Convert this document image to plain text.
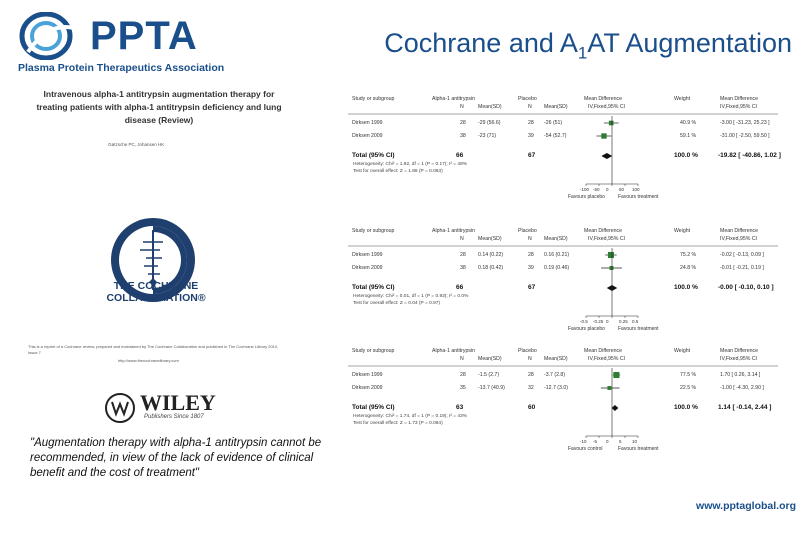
PPTA
Plasma Protein Therapeutics Association
Cochrane and $A_1AT$ Augmentation
Intravenous alpha-1 antitrypsin augmentation therapy for treating patients with alpha-1 antitrypsin deficiency and lung disease (Review)
Gøtzsche PC, Johansen HK
THE COCHRANE
COLLABORATION®
This is a reprint of a Cochrane review, prepared and maintained by The Cochrane Collaboration and published in The Cochrane Library 2010, Issue 7
http://www.thecochranelibrary.com
WILEY
Publishers Since 1807
"Augmentation therapy with alpha-1 antitrypsin cannot be recommended, in view of the lack of evidence of clinical benefit and the cost of treatment"
Study or subgroup	Alpha-1 antitrypsin	Placebo	Mean Difference	Weight	Mean Difference
N	Mean(SD)	N Mean(SD)	IV,Fixed,95% CI	IV,Fixed,95% CI
Dirksen 1999	28 -29 (56.6)	28 -26 (51)	40.9 %	-3.00 [ -31.23, 25.23 ]
Dirksen 2009	38 -23 (71)	39 -54 (52.7)	59.1 %	-31.00 [ -2.50, 59.50 ]
Total (95% CI)	66	67	100.0 %	-19.82 [ -40.86, 1.02 ]
Heterogeneity: Chi² = 1.92, df = 1 (P = 0.17); I² = 48%
Test for overall effect: Z = 1.86 (P = 0.063)
-100 -50 0 50 100
Favours placebo	Favours treatment
Study or subgroup	Alpha-1 antitrypsin	Placebo	Mean Difference	Weight	Mean Difference
N	Mean(SD)	N Mean(SD)	IV,Fixed,95% CI	IV,Fixed,95% CI
Dirksen 1999	28 0.14 (0.22)	28 0.16 (0.21)	75.2 %	-0.02 [ -0.13, 0.09 ]
Dirksen 2009	38 0.18 (0.42)	39 0.19 (0.46)	24.8 %	-0.01 [ -0.21, 0.19 ]
Total (95% CI)	66	67	100.0 %	-0.00 [ -0.10, 0.10 ]
Heterogeneity: Chi² = 0.01, df = 1 (P = 0.93); I² = 0.0%
Test for overall effect: Z = 0.04 (P = 0.97)
-0.5 -0.25 0 0.25 0.5
Favours placebo	Favours treatment
Study or subgroup	Alpha-1 antitrypsin	Placebo	Mean Difference	Weight	Mean Difference
N	Mean(SD)	N Mean(SD)	IV,Fixed,95% CI	IV,Fixed,95% CI
Dirksen 1999	28 -1.5 (2.7)	28 -3.7 (2.8)	77.5 %	1.70 [ 0.26, 3.14 ]
Dirksen 2009	35 -13.7 (40.9)	32 -12.7 (3.0)	22.5 %	-1.00 [ -4.30, 2.90 ]
Total (95% CI)	63	60	100.0 %	1.14 [ -0.14, 2.44 ]
Heterogeneity: Chi² = 1.74, df = 1 (P = 0.19); I² = 43%
Test for overall effect: Z = 1.73 (P = 0.084)
-10 -5 0 5 10
Favours control	Favours treatment
www.pptaglobal.org
